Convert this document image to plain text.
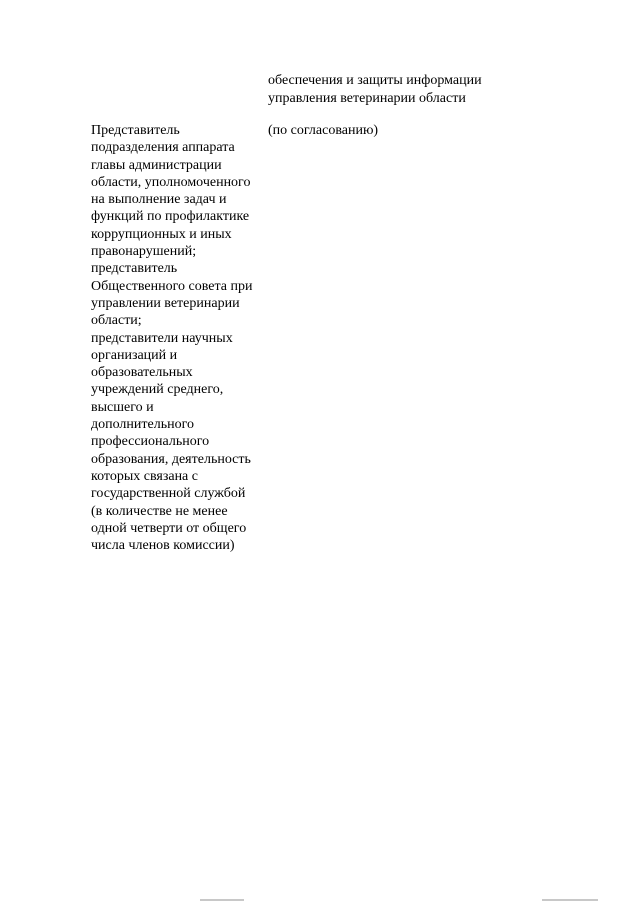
обеспечения и защиты информации
управления ветеринарии области
Представитель
подразделения аппарата
главы администрации
области, уполномоченного
на выполнение задач и
функций по профилактике
коррупционных и иных
правонарушений;
представитель
Общественного совета при
управлении ветеринарии
области;
представители научных
организаций и
образовательных
учреждений среднего,
высшего и
дополнительного
профессионального
образования, деятельность
которых связана с
государственной службой
(в количестве не менее
одной четверти от общего
числа членов комиссии)
(по согласованию)
